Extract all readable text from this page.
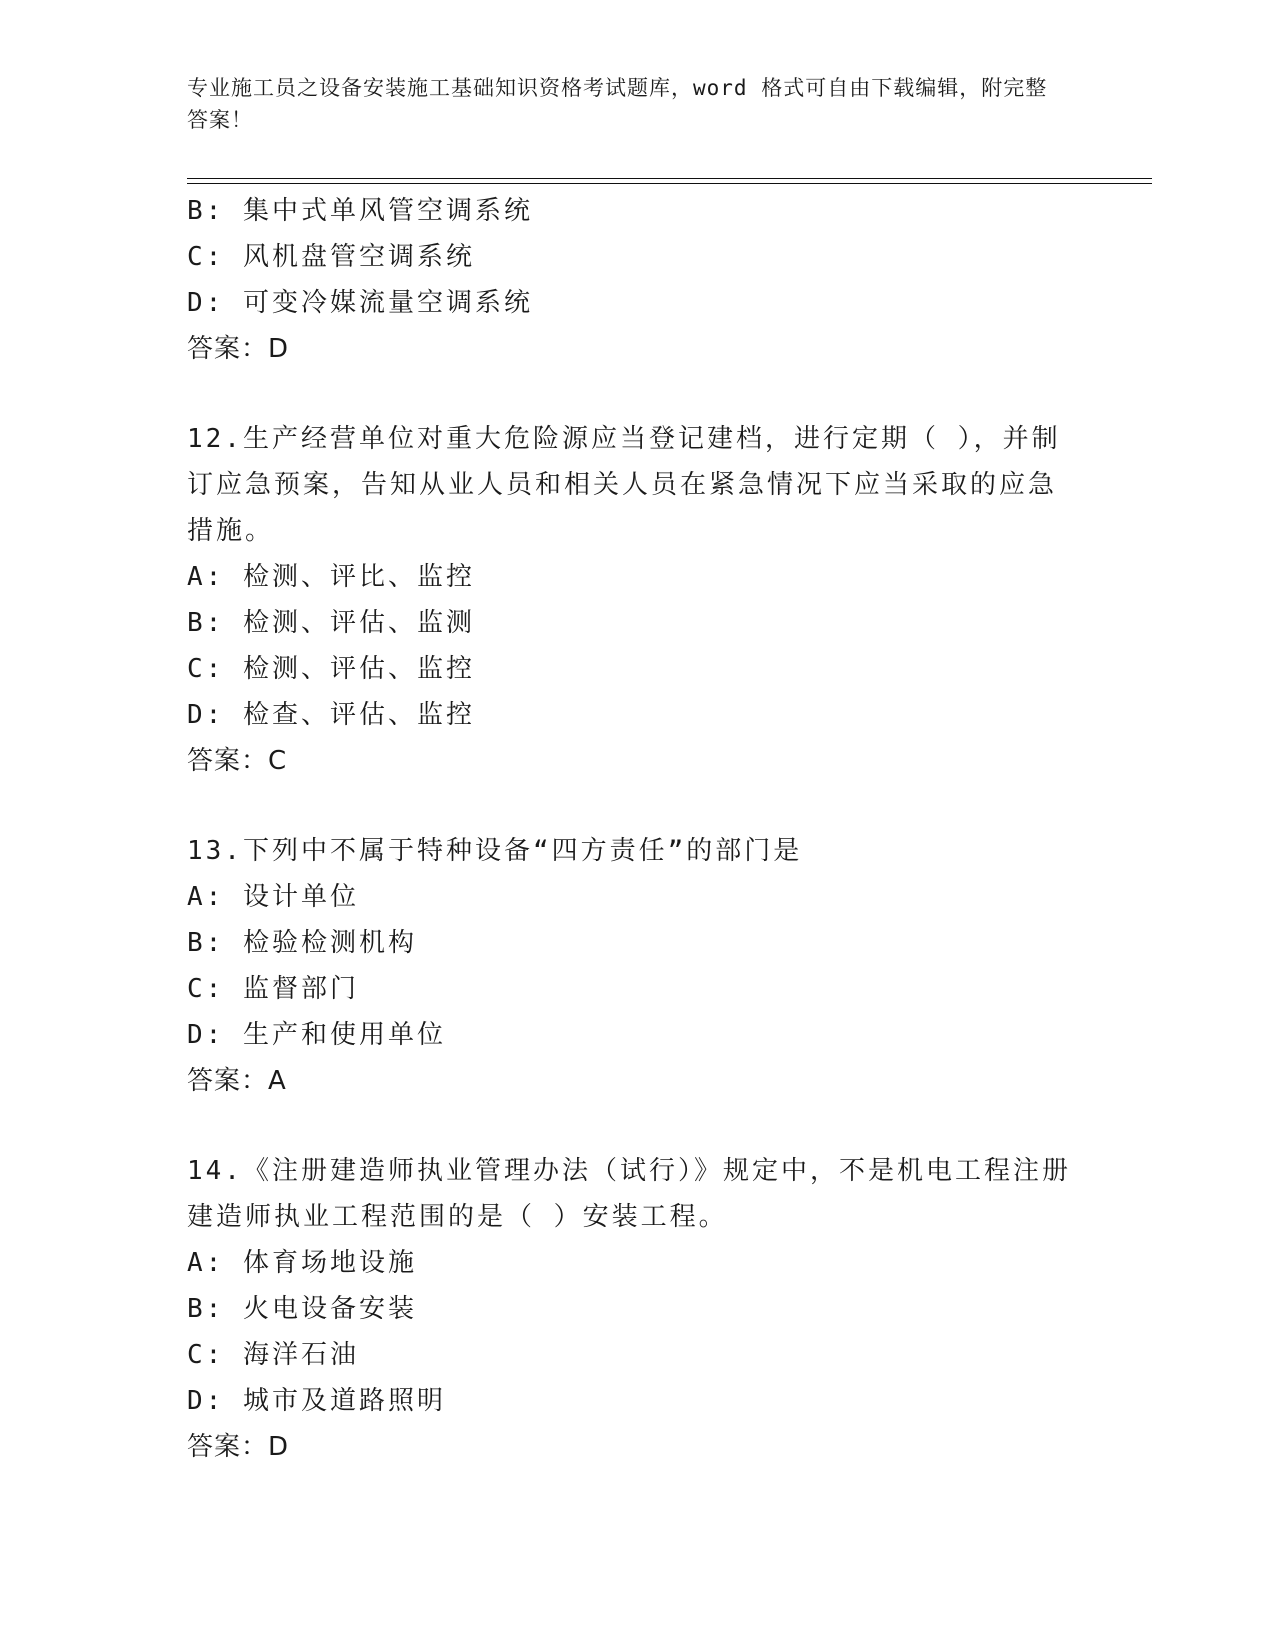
专业施工员之设备安装施工基础知识资格考试题库，word 格式可自由下载编辑，附完整答案！
B: 集中式单风管空调系统
C: 风机盘管空调系统
D: 可变冷媒流量空调系统
答案：D
12.生产经营单位对重大危险源应当登记建档，进行定期（ ），并制
订应急预案，告知从业人员和相关人员在紧急情况下应当采取的应急
措施。
A: 检测、评比、监控
B: 检测、评估、监测
C: 检测、评估、监控
D: 检查、评估、监控
答案：C
13.下列中不属于特种设备“四方责任”的部门是
A: 设计单位
B: 检验检测机构
C: 监督部门
D: 生产和使用单位
答案：A
14.《注册建造师执业管理办法（试行）》规定中，不是机电工程注册
建造师执业工程范围的是（ ）安装工程。
A: 体育场地设施
B: 火电设备安装
C: 海洋石油
D: 城市及道路照明
答案：D
